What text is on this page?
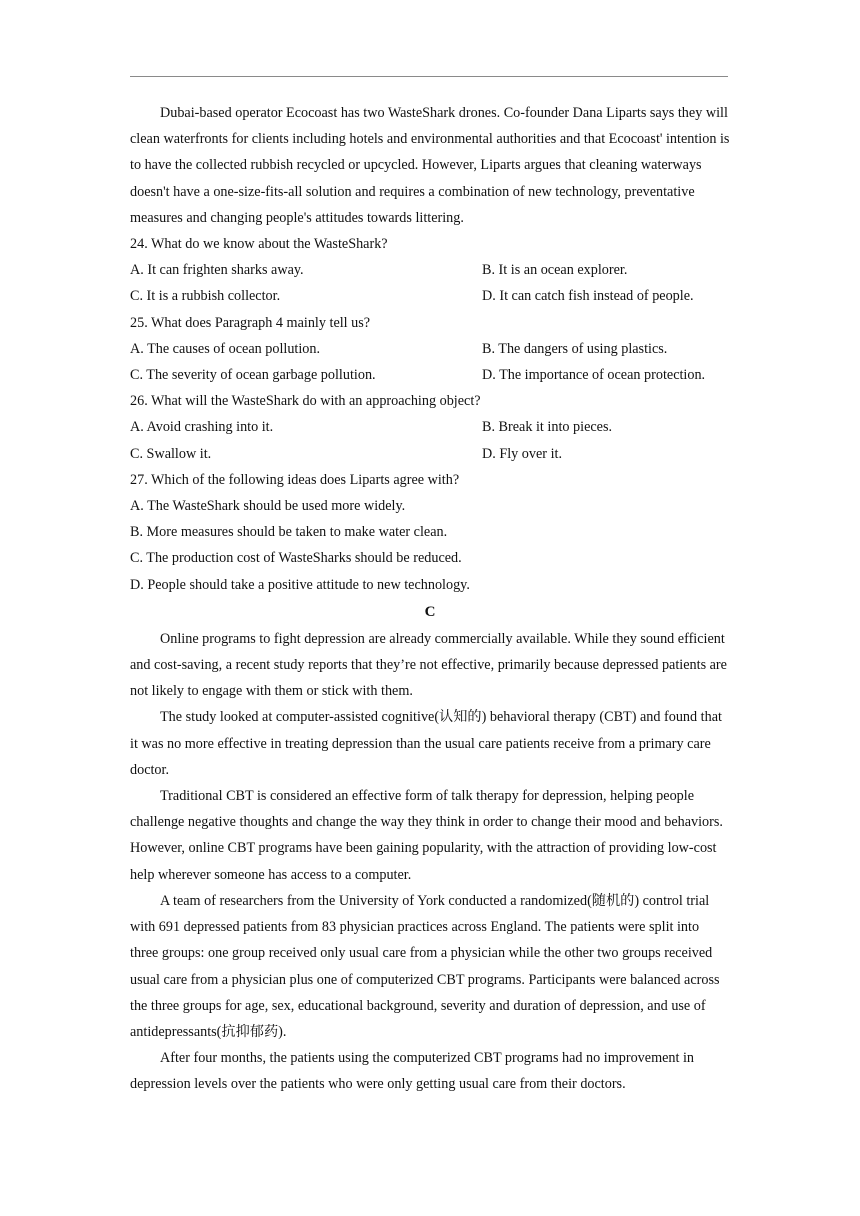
Dubai-based operator Ecocoast has two WasteShark drones. Co-founder Dana Liparts says they will clean waterfronts for clients including hotels and environmental authorities and that Ecocoast' intention is to have the collected rubbish recycled or upcycled. However, Liparts argues that cleaning waterways doesn't have a one-size-fits-all solution and requires a combination of new technology, preventative measures and changing people's attitudes towards littering.

24. What do we know about the WasteShark?

A. It can frighten sharks away.	B. It is an ocean explorer.
C. It is a rubbish collector.	D. It can catch fish instead of people.

25. What does Paragraph 4 mainly tell us?

A. The causes of ocean pollution.	B. The dangers of using plastics.
C. The severity of ocean garbage pollution.	D. The importance of ocean protection.

26. What will the WasteShark do with an approaching object?

A. Avoid crashing into it.	B. Break it into pieces.
C. Swallow it.	D. Fly over it.

27. Which of the following ideas does Liparts agree with?

A. The WasteShark should be used more widely.

B. More measures should be taken to make water clean.

C. The production cost of WasteSharks should be reduced.

D. People should take a positive attitude to new technology.

C

Online programs to fight depression are already commercially available. While they sound efficient and cost-saving, a recent study reports that they’re not effective, primarily because depressed patients are not likely to engage with them or stick with them.

The study looked at computer-assisted cognitive(认知的) behavioral therapy (CBT) and found that it was no more effective in treating depression than the usual care patients receive from a primary care doctor.

Traditional CBT is considered an effective form of talk therapy for depression, helping people challenge negative thoughts and change the way they think in order to change their mood and behaviors. However, online CBT programs have been gaining popularity, with the attraction of providing low-cost help wherever someone has access to a computer.

A team of researchers from the University of York conducted a randomized(随机的) control trial with 691 depressed patients from 83 physician practices across England. The patients were split into three groups: one group received only usual care from a physician while the other two groups received usual care from a physician plus one of computerized CBT programs. Participants were balanced across the three groups for age, sex, educational background, severity and duration of depression, and use of antidepressants(抗抑郁药).

After four months, the patients using the computerized CBT programs had no improvement in depression levels over the patients who were only getting usual care from their doctors.
